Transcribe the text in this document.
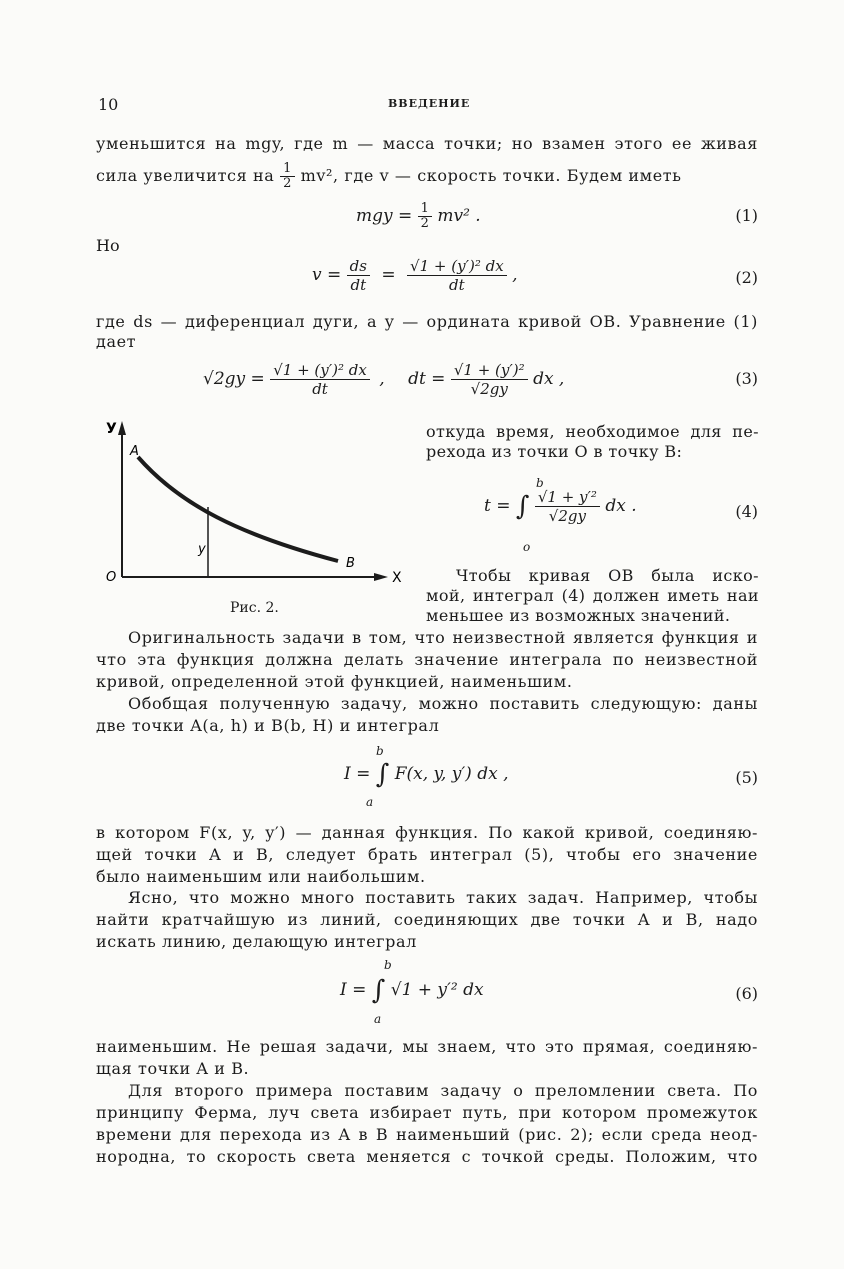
10	ВВЕДЕНИЕ
уменьшится на mgy, где m — масса точки; но взамен этого ее живая
сила увеличится на $\frac{1}{2} mv^2$, где v — скорость точки. Будем иметь
mgy = $\frac{1}{2} mv^2$ .	(1)
Но
$v = \frac{ds}{dt} = \frac{\text{√1 + (y′)² dx}}{dt}$ ,	(2)
где ds — диференциал дуги, а y — ордината кривой OB. Уравнение (1)
дает
$√2gy = \frac{\text{√1 + (y′)² dx}}{dt}$ , dt = $\frac{\text{√1 + (y′)²}}{√2gy}$ dx ,	(3)
У
А
В
у
О	Х
Рис. 2.
откуда время, необходимое для пе-
рехода из точки O в точку B:
t = ∫ $\frac{\text{√1 + y′²}}{√2gy}$ dx .
b
o
(4)
Чтобы кривая OB была иско-
мой, интеграл (4) должен иметь наи
меньшее из возможных значений.
Оригинальность задачи в том, что неизвестной является функция и
что эта функция должна делать значение интеграла по неизвестной
кривой, определенной этой функцией, наименьшим.
Обобщая полученную задачу, можно поставить следующую: даны
две точки A(a, h) и B(b, H) и интеграл
I = ∫ F(x, y, y′) dx ,
b
a
(5)
в котором F(x, y, y′) — данная функция. По какой кривой, соединяю-
щей точки A и B, следует брать интеграл (5), чтобы его значение
было наименьшим или наибольшим.
Ясно, что можно много поставить таких задач. Например, чтобы
найти кратчайшую из линий, соединяющих две точки A и B, надо
искать линию, делающую интеграл
I = ∫ √1 + y′² dx
b
a
(6)
наименьшим. Не решая задачи, мы знаем, что это прямая, соединяю-
щая точки A и B.
Для второго примера поставим задачу о преломлении света. По
принципу Ферма, луч света избирает путь, при котором промежуток
времени для перехода из A в B наименьший (рис. 2); если среда неод-
нородна, то скорость света меняется с точкой среды. Положим, что
